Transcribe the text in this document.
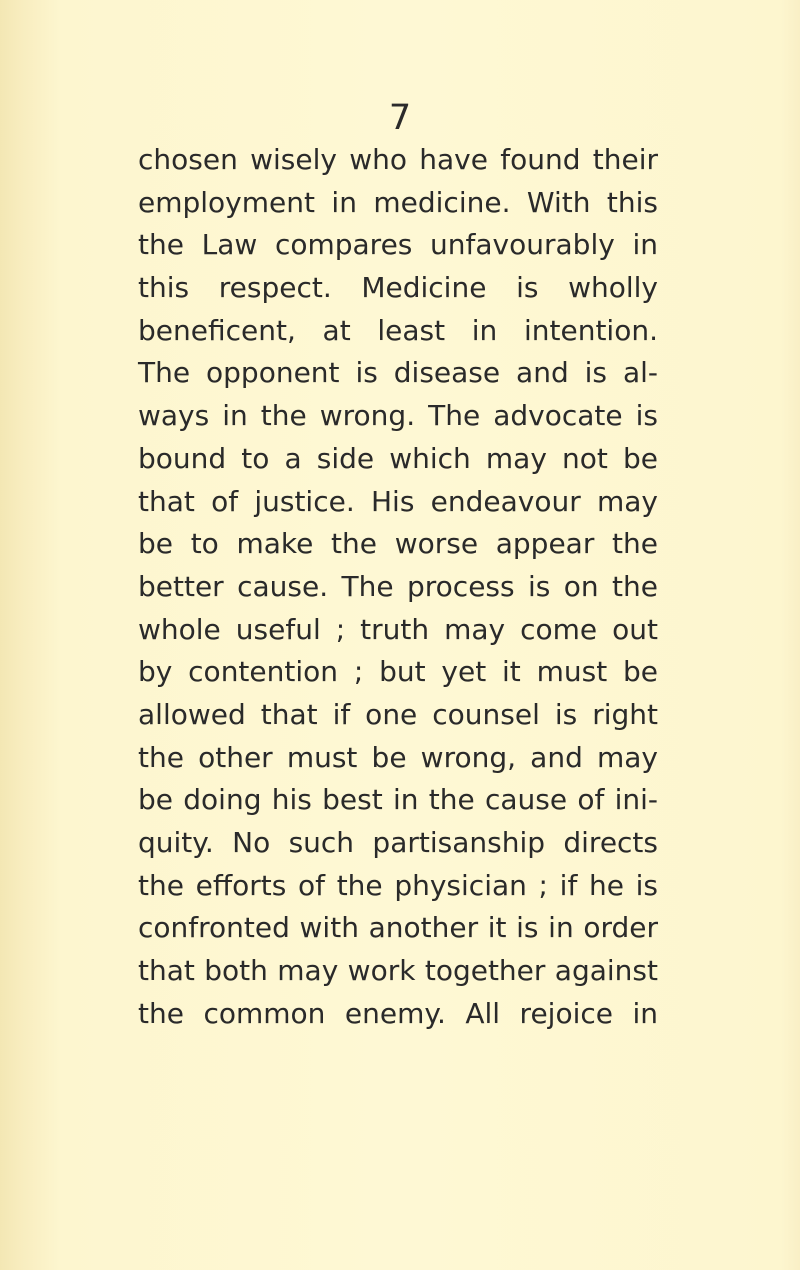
7
chosen wisely who have found their
employment in medicine. With this
the Law compares unfavourably in
this respect. Medicine is wholly
beneficent, at least in intention.
The opponent is disease and is al-
ways in the wrong. The advocate is
bound to a side which may not be
that of justice. His endeavour may
be to make the worse appear the
better cause. The process is on the
whole useful ; truth may come out
by contention ; but yet it must be
allowed that if one counsel is right
the other must be wrong, and may
be doing his best in the cause of ini-
quity. No such partisanship directs
the efforts of the physician ; if he is
confronted with another it is in order
that both may work together against
the common enemy. All rejoice in
